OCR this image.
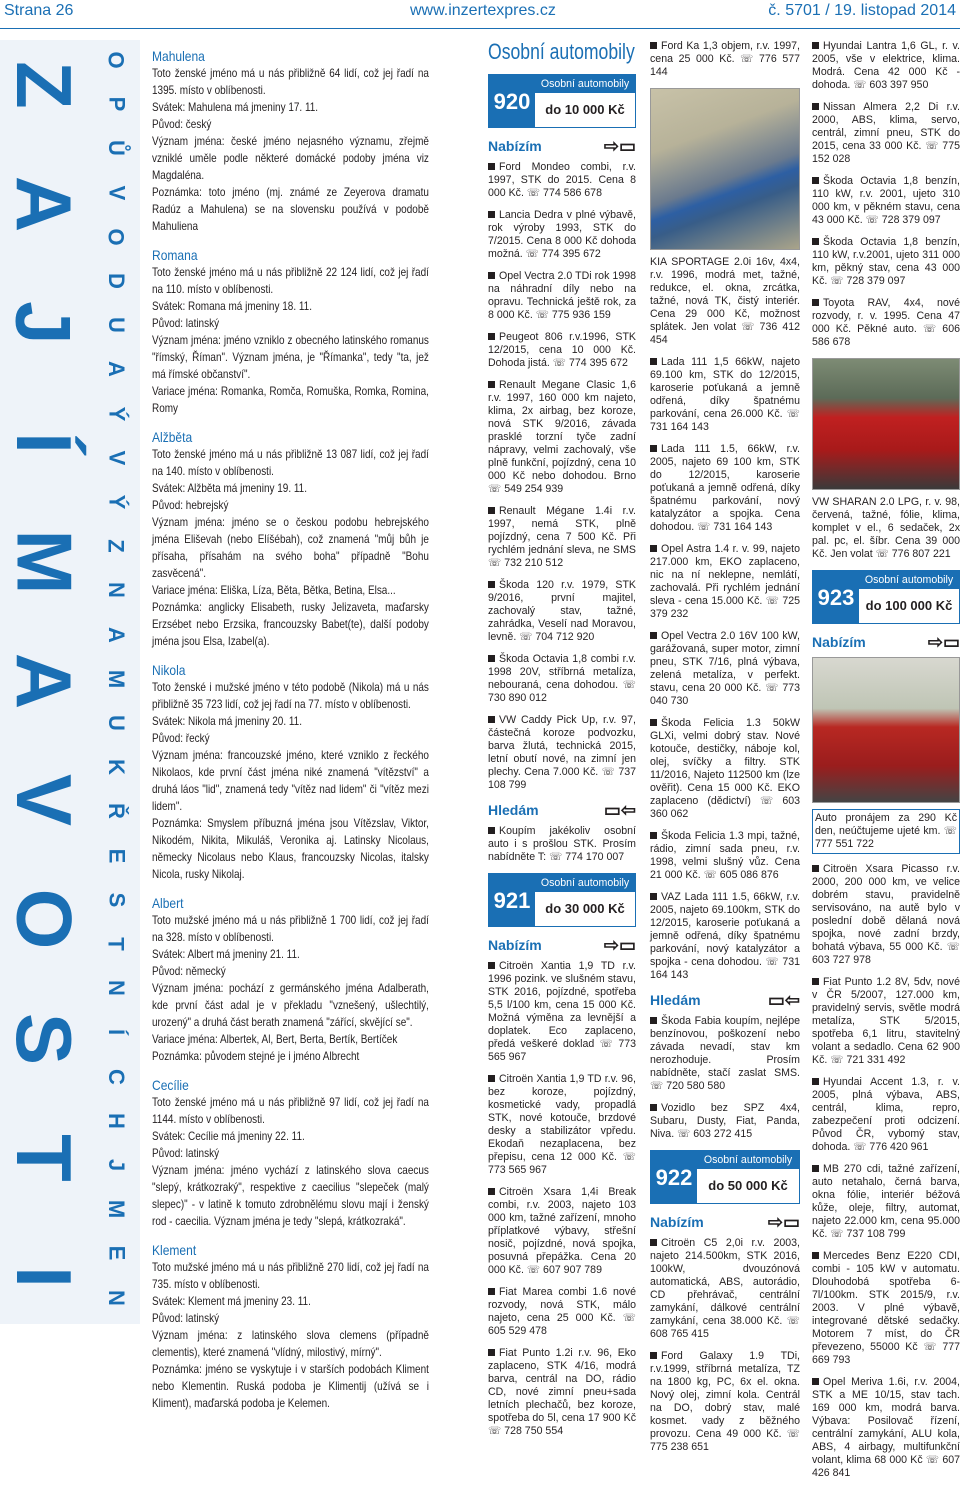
Strana 26	www.inzertexpres.cz	č. 5701 / 19. listopad 2014
Z
A
J
Í
M
A
V
O
S
T
I
O
P
Ů
V
O
D
U
A
Ý
V
Ý
Z
N
A
M
U
K
Ř
E
S
T
N
Í
C
H
J
M
E
N
Mahulena

Toto ženské jméno má u nás přibližně 64 lidí, což jej řadí na 1395. místo v oblíbenosti.

Svátek: Mahulena má jmeniny 17. 11.

Původ: český

Význam jména: české jméno nejasného významu, zřejmě vzniklé uměle podle některé domácké podoby jména viz Magdaléna.

Poznámka: toto jméno (mj. známé ze Zeyerova dramatu Radúz a Mahulena) se na slovensku používá v podobě Mahuliena

Romana

Toto ženské jméno má u nás přibližně 22 124 lidí, což jej řadí na 110. místo v oblíbenosti.

Svátek: Romana má jmeniny 18. 11.

Původ: latinský

Význam jména: jméno vzniklo z obecného latinského romanus "římský, Říman". Význam jména, je "Římanka", tedy "ta, jež má římské občanství".

Variace jména: Romanka, Romča, Romuška, Romka, Romina, Romy

Alžběta

Toto ženské jméno má u nás přibližně 13 087 lidí, což jej řadí na 140. místo v oblíbenosti.

Svátek: Alžběta má jmeniny 19. 11.

Původ: hebrejský

Význam jména: jméno se o českou podobu hebrejského jména Eliševah (nebo Elíšébah), což znamená "můj bůh je přísaha, přísahám na svého boha" případně "Bohu zasvěcená".

Variace jména: Eliška, Líza, Běta, Bětka, Betina, Elsa...

Poznámka: anglicky Elisabeth, rusky Jelizaveta, maďarsky Erzsébet nebo Erzsika, francouzsky Babet(te), další podoby jména jsou Elsa, Izabel(a).

Nikola

Toto ženské i mužské jméno v této podobě (Nikola) má u nás přibližně 35 723 lidí, což jej řadí na 77. místo v oblíbenosti.

Svátek: Nikola má jmeniny 20. 11.

Původ: řecký

Význam jména: francouzské jméno, které vzniklo z řeckého Nikolaos, kde první část jména niké znamená "vítězství" a druhá láos "lid", znamená tedy "vítěz nad lidem" či "vítěz mezi lidem".

Poznámka: Smyslem příbuzná jména jsou Vítězslav, Viktor, Nikodém, Nikita, Mikuláš, Veronika aj. Latinsky Nicolaus, německy Nicolaus nebo Klaus, francouzsky Nicolas, italsky Nicola, rusky Nikolaj.

Albert

Toto mužské jméno má u nás přibližně 1 700 lidí, což jej řadí na 328. místo v oblíbenosti.

Svátek: Albert má jmeniny 21. 11.

Původ: německý

Význam jména: pochází z germánského jména Adalberath, kde první část adal je v překladu "vznešený, ušlechtilý, urozený" a druhá část berath znamená "zářící, skvějící se".

Variace jména: Albertek, Al, Bert, Berta, Bertík, Bertíček

Poznámka: původem stejné je i jméno Albrecht

Cecílie

Toto ženské jméno má u nás přibližně 97 lidí, což jej řadí na 1144. místo v oblíbenosti.

Svátek: Cecílie má jmeniny 22. 11.

Původ: latinský

Význam jména: jméno vychází z latinského slova caecus "slepý, krátkozraký", respektive z caecilius "slepeček (malý slepec)" - v latině k tomuto zdrobnělému slovu mají i ženský rod - caecilia. Význam jména je tedy "slepá, krátkozraká".

Klement

Toto mužské jméno má u nás přibližně 270 lidí, což jej řadí na 735. místo v oblíbenosti.

Svátek: Klement má jmeniny 23. 11.

Původ: latinský

Význam jména: z latinského slova clemens (případně clementis), které znamená "vlídný, milostivý, mírný".

Poznámka: jméno se vyskytuje i v starších podobách Kliment nebo Klementin. Ruská podoba je Klimentij (užívá se i Kliment), maďarská podoba je Kelemen.

Osobní automobily
920
Osobní automobily
do 10 000 Kč
Nabízím	⇨▭
Ford Mondeo combi, r.v. 1997, STK do 2015. Cena 8 000 Kč. ☏ 774 586 678
Lancia Dedra v plné výbavě, rok výroby 1993, STK do 7/2015. Cena 8 000 Kč dohoda možná. ☏ 774 395 672
Opel Vectra 2.0 TDi rok 1998 na náhradní díly nebo na opravu. Technická ještě rok, za 8 000 Kč. ☏ 775 936 159
Peugeot 806 r.v.1996, STK 12/2015, cena 10 000 Kč. Dohoda jistá. ☏ 774 395 672
Renault Megane Clasic 1,6 r.v. 1997, 160 000 km najeto, klima, 2x airbag, bez koroze, nová STK 9/2016, závada prasklé torzní tyče zadní nápravy, velmi zachovalý, vše plně funkční, pojízdný, cena 10 000 Kč nebo dohodou. Brno ☏ 549 254 939
Renault Mégane 1.4i r.v. 1997, nemá STK, plně pojízdný, cena 7 500 Kč. Při rychlém jednání sleva, ne SMS ☏ 732 210 512
Škoda 120 r.v. 1979, STK 9/2016, první majitel, zachovalý stav, tažné, zahrádka, Veselí nad Moravou, levně. ☏ 704 712 920
Škoda Octavia 1,8 combi r.v. 1998 20V, stříbrná metalíza, nebouraná, cena dohodou. ☏ 730 890 012
VW Caddy Pick Up, r.v. 97, částečná koroze podvozku, barva žlutá, technická 2015, letní obutí nové, na zimní jen plechy. Cena 7.000 Kč. ☏ 737 108 799
Hledám	▭⇦
Koupím jakékoliv osobní auto i s prošlou STK. Prosím nabídněte T: ☏ 774 170 007
921
Osobní automobily
do 30 000 Kč
Nabízím	⇨▭
Citroën Xantia 1,9 TD r.v. 1996 pozink. ve slušném stavu, STK 2016, pojízdné, spotřeba 5,5 l/100 km, cena 15 000 Kč. Možná výměna za levnější a doplatek. Eco zaplaceno, předá veškeré doklad ☏ 773 565 967
Citroën Xantia 1,9 TD r.v. 96, bez koroze, pojízdný, kosmetické vady, propadlá STK, nové kotouče, brzdové desky a stabilizátor vpředu. Ekodaň nezaplacena, bez přepisu, cena 12 000 Kč. ☏ 773 565 967
Citroën Xsara 1,4i Break combi, r.v. 2003, najeto 103 000 km, tažné zařízení, mnoho příplatkové výbavy, střešní nosič, pojízdné, nová spojka, posuvná přepážka. Cena 20 000 Kč. ☏ 607 907 789
Fiat Marea combi 1.6 nové rozvody, nová STK, málo najeto, cena 25 000 Kč. ☏ 605 529 478
Fiat Punto 1.2i r.v. 96, Eko zaplaceno, STK 4/16, modrá barva, centrál na DO, rádio CD, nové zimní pneu+sada letních plechačů, bez koroze, spotřeba do 5l, cena 17 900 Kč ☏ 728 750 554
Ford Ka 1,3 objem, r.v. 1997, cena 25 000 Kč. ☏ 776 577 144
KIA SPORTAGE 2.0i 16v, 4x4, r.v. 1996, modrá met, tažné, redukce, el. okna, zrcátka, tažné, nová TK, čistý interiér. Cena 29 000 Kč, možnost splátek. Jen volat ☏ 736 412 454
Lada 111 1,5 66kW, najeto 69.100 km, STK do 12/2015, karoserie poťukaná a jemně odřená, díky špatnému parkování, cena 26.000 Kč. ☏ 731 164 143
Lada 111 1.5, 66kW, r.v. 2005, najeto 69 100 km, STK do 12/2015, karoserie poťukaná a jemně odřená, díky špatnému parkování, nový katalyzátor a spojka. Cena dohodou. ☏ 731 164 143
Opel Astra 1.4 r. v. 99, najeto 217.000 km, EKO zaplaceno, nic na ní neklepne, nemlátí, zachovalá. Při rychlém jednání sleva - cena 15.000 Kč. ☏ 725 379 232
Opel Vectra 2.0 16V 100 kW, garážovaná, super motor, zimní pneu, STK 7/16, plná výbava, zelená metalíza, v perfekt. stavu, cena 20 000 Kč. ☏ 773 040 730
Škoda Felicia 1.3 50kW GLXi, velmi dobrý stav. Nové kotouče, destičky, náboje kol, olej, svíčky a filtry. STK 11/2016, Najeto 112500 km (lze ověřit). Cena 15 000 Kč. EKO zaplaceno (dědictví) ☏ 603 360 062
Škoda Felicia 1.3 mpi, tažné, rádio, zimní sada pneu, r.v. 1998, velmi slušný vůz. Cena 21 000 Kč. ☏ 605 086 876
VAZ Lada 111 1.5, 66kW, r.v. 2005, najeto 69.100km, STK do 12/2015, karoserie poťukaná a jemně odřená, díky špatnému parkování, nový katalyzátor a spojka - cena dohodou. ☏ 731 164 143
Hledám	▭⇦
Škoda Fabia koupím, nejlépe benzínovou, poškození nebo závada nevadí, stav km nerozhoduje. Prosím nabídněte, stačí zaslat SMS. ☏ 720 580 580
Vozidlo bez SPZ 4x4, Subaru, Dusty, Fiat, Panda, Niva. ☏ 603 272 415
922
Osobní automobily
do 50 000 Kč
Nabízím	⇨▭
Citroën C5 2,0i r.v. 2003, najeto 214.500km, STK 2016, 100kW, dvouzónová automatická, ABS, autorádio, CD přehrávač, centrální zamykání, dálkové centrální zamykání, cena 38.000 Kč. ☏ 608 765 415
Ford Galaxy 1.9 TDi, r.v.1999, stříbrná metalíza, TZ na 1800 kg, PC, 6x el. okna. Nový olej, zimní kola. Centrál na DO, dobrý stav, malé kosmet. vady z běžného provozu. Cena 49 000 Kč. ☏ 775 238 651
Hyundai Lantra 1,6 GL, r. v. 2005, vše v elektrice, klima. Modrá. Cena 42 000 Kč - dohoda. ☏ 603 397 950
Nissan Almera 2,2 Di r.v. 2000, ABS, klima, servo, centrál, zimní pneu, STK do 2015, cena 33 000 Kč. ☏ 775 152 028
Škoda Octavia 1,8 benzín, 110 kW, r.v. 2001, ujeto 310 000 km, v pěkném stavu, cena 43 000 Kč. ☏ 728 379 097
Škoda Octavia 1,8 benzín, 110 kW, r.v.2001, ujeto 311 000 km, pěkný stav, cena 43 000 Kč. ☏ 728 379 097
Toyota RAV, 4x4, nové rozvody, r. v. 1995. Cena 47 000 Kč. Pěkné auto. ☏ 606 586 678
VW SHARAN 2.0 LPG, r. v. 98, červená, tažné, fólie, klima, komplet v el., 6 sedaček, 2x pal. pc, el. šíbr. Cena 39 000 Kč. Jen volat ☏ 776 807 221
923
Osobní automobily
do 100 000 Kč
Nabízím	⇨▭
Auto pronájem za 290 Kč den, neúčtujeme ujeté km. ☏ 777 551 722
Citroën Xsara Picasso r.v. 2000, 200 000 km, ve velice dobrém stavu, pravidelně servisováno, na autě bylo v poslední době dělaná nová spojka, nové zadní brzdy, bohatá výbava, 55 000 Kč. ☏ 603 727 978
Fiat Punto 1.2 8V, 5dv, nové v ČR 5/2007, 127.000 km, pravidelný servis, světle modrá metalíza, STK 5/2015, spotřeba 6,1 litru, stavitelný volant a sedadlo. Cena 62 900 Kč. ☏ 721 331 492
Hyundai Accent 1.3, r. v. 2005, plná výbava, ABS, centrál, klima, repro, zabezpečení proti odcizení. Původ ČR, vybomý stav, dohoda. ☏ 776 420 961
MB 270 cdi, tažné zařízení, auto netahalo, černá barva, okna fólie, interiér béžová kůže, oleje, filtry, automat, najeto 22.000 km, cena 95.000 Kč. ☏ 737 108 799
Mercedes Benz E220 CDI, combi - 105 kW v automatu. Dlouhodobá spotřeba 6-7l/100km. STK 2015/9, r.v. 2003. V plné výbavě, integrované dětské sedačky. Motorem 7 míst, do ČR převezeno, 55000 Kč ☏ 777 669 793
Opel Meriva 1.6i, r.v. 2004, STK a ME 10/15, stav tach. 169 000 km, modrá barva. Výbava: Posilovač řízení, centrální zamykání, ALU kola, ABS, 4 airbagy, multifunkční volant, klima 68 000 Kč ☏ 607 426 841
